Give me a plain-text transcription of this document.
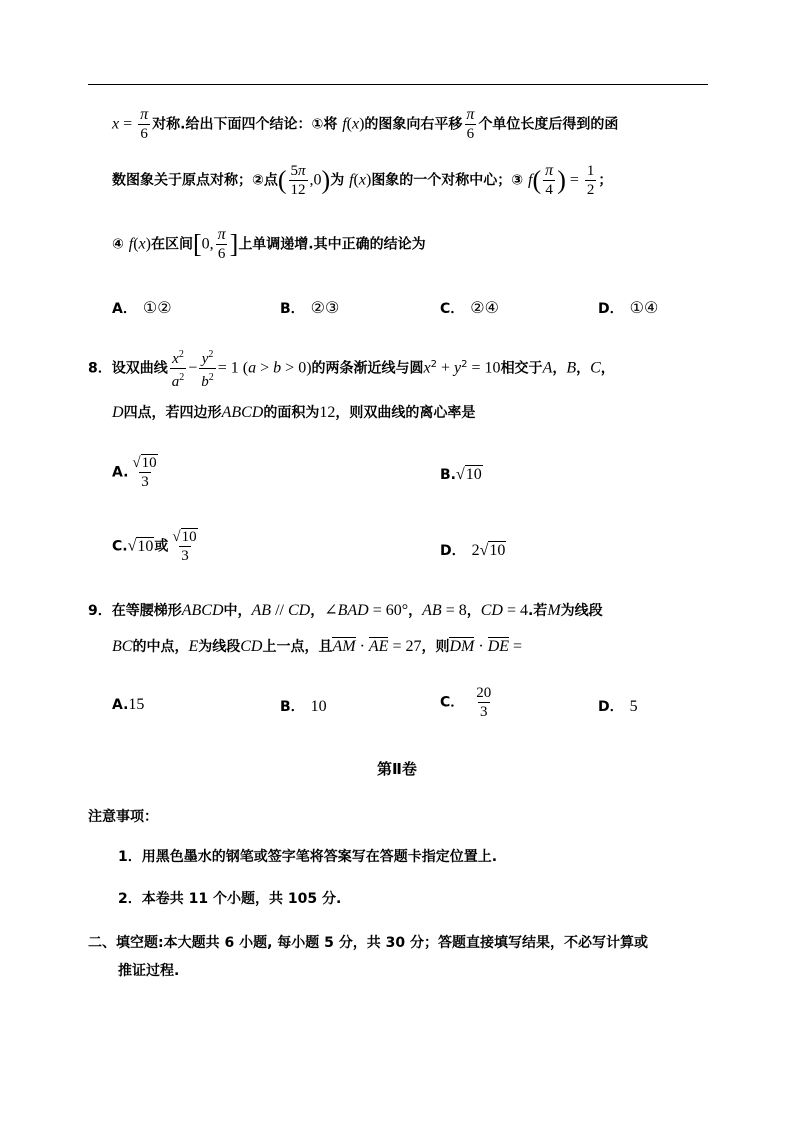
$x = \frac{\pi}{6}$ 对称.给出下面四个结论：①将 f(x)的图象向右平移 $\frac{\pi}{6}$ 个单位长度后得到的函
数图象关于原点对称；②点( $\frac{5\pi}{12} ,0$)为 f(x)图象的一个对称中心；③ $f( \frac{\pi}{4}$ ) = $\frac{1}{2}$ ；
④ f(x)在区间[0, $\frac{\pi}{6}$ ]上单调递增.其中正确的结论为
A． ①②	B． ②③	C． ②④	D． ①④
8．设双曲线 $\frac{x^2}{a^2} - \frac{y^2}{b^2} = 1$ (a > b > 0)的两条渐近线与圆$x^2 + y^2 = 10$相交于A，B，C，
D四点，若四边形ABCD的面积为12，则双曲线的离心率是
A. $\frac{√10}{3}$	B.√10
C.√10或 $\frac{√10}{3}$	D． 2√10
9．在等腰梯形ABCD中，AB // CD，∠BAD = 60°，AB = 8，CD = 4.若M为线段
BC的中点，E为线段CD上一点，且AM · AE = 27，则DM · DE =
A.15	B． 10	C． $\frac{20}{3}$	D． 5
第Ⅱ卷
注意事项：
1．用黑色墨水的钢笔或签字笔将答案写在答题卡指定位置上.
2．本卷共 11 个小题，共 105 分.
二、填空题:本大题共 6 小题, 每小题 5 分，共 30 分；答题直接填写结果，不必写计算或
推证过程.
